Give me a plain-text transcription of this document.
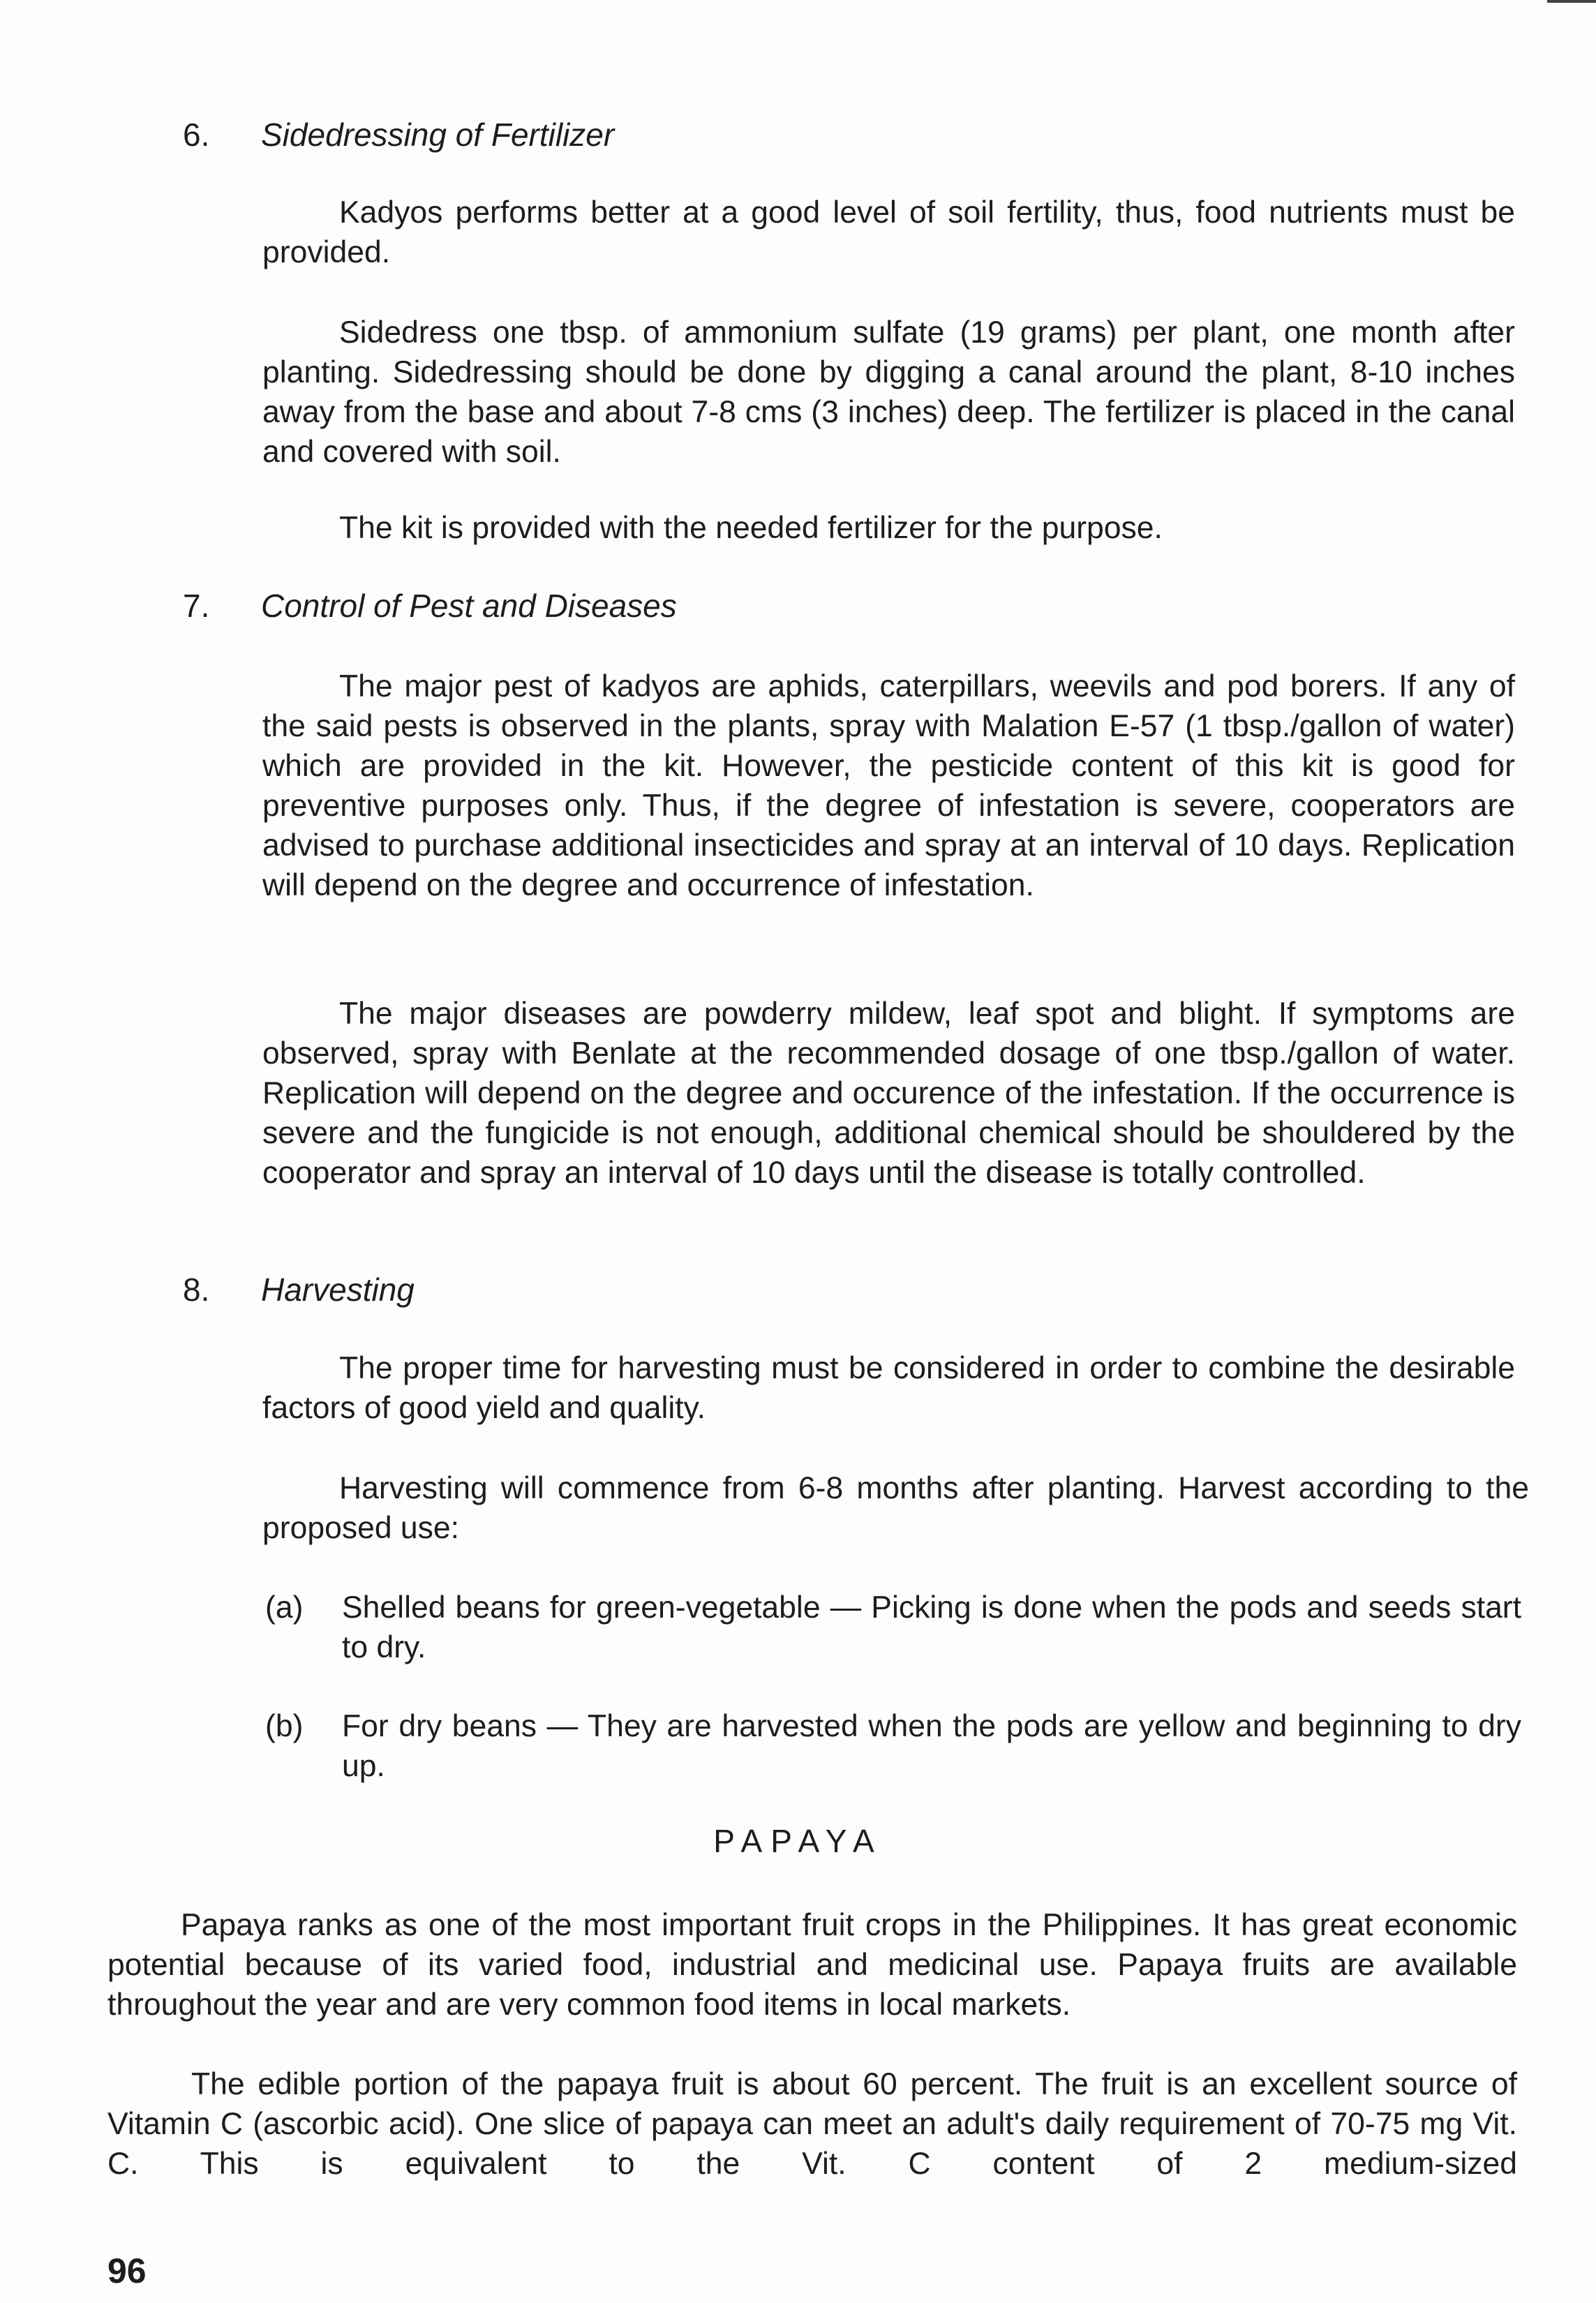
6. Sidedressing of Fertilizer

Kadyos performs better at a good level of soil fertility, thus, food nutrients must be provided.

Sidedress one tbsp. of ammonium sulfate (19 grams) per plant, one month after planting. Sidedressing should be done by digging a canal around the plant, 8-10 inches away from the base and about 7-8 cms (3 inches) deep. The fertilizer is placed in the canal and covered with soil.

The kit is provided with the needed fertilizer for the purpose.

7. Control of Pest and Diseases

The major pest of kadyos are aphids, caterpillars, weevils and pod borers. If any of the said pests is observed in the plants, spray with Malation E-57 (1 tbsp./gallon of water) which are provided in the kit. However, the pesticide content of this kit is good for preventive purposes only. Thus, if the degree of infestation is severe, cooperators are advised to purchase additional insecticides and spray at an interval of 10 days. Replication will depend on the degree and occurrence of infestation.

The major diseases are powderry mildew, leaf spot and blight. If symptoms are observed, spray with Benlate at the recommended dosage of one tbsp./gallon of water. Replication will depend on the degree and occurence of the infestation. If the occurrence is severe and the fungicide is not enough, additional chemical should be shouldered by the cooperator and spray an interval of 10 days until the disease is totally controlled.

8. Harvesting

The proper time for harvesting must be considered in order to combine the desirable factors of good yield and quality.

Harvesting will commence from 6-8 months after planting. Harvest according to the proposed use:

(a) Shelled beans for green-vegetable — Picking is done when the pods and seeds start to dry.
(b) For dry beans — They are harvested when the pods are yellow and beginning to dry up.
PAPAYA

Papaya ranks as one of the most important fruit crops in the Philippines. It has great economic potential because of its varied food, industrial and medicinal use. Papaya fruits are available throughout the year and are very common food items in local markets.

The edible portion of the papaya fruit is about 60 percent. The fruit is an excellent source of Vitamin C (ascorbic acid). One slice of papaya can meet an adult's daily requirement of 70-75 mg Vit. C. This is equivalent to the Vit. C content of 2 medium-sized

96
